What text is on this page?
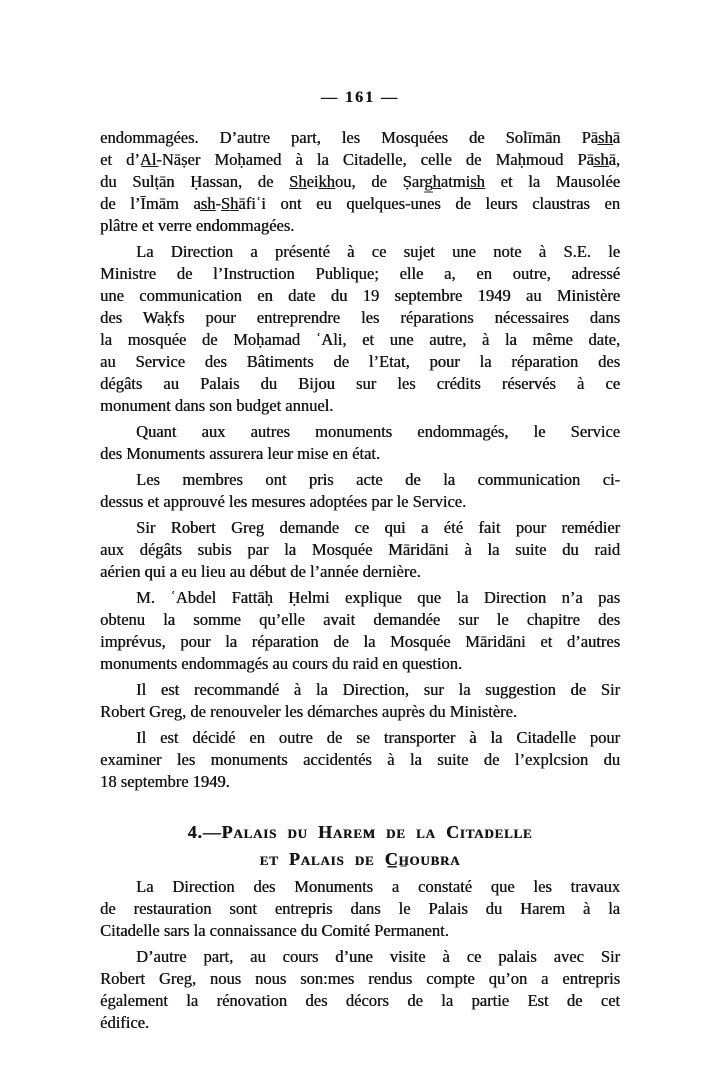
— 161 —
endommagées. D’autre part, les Mosquées de Solīmān Pās̲h̲ā
et d’A̲l̲-Nāṣer Moḥamed à la Citadelle, celle de Maḥmoud Pās̲h̲ā,
du Sulṭān Ḥassan, de S̲h̲eik̲h̲ou, de Ṣarg̲h̲atmis̲h̲ et la Mausolée
de l’Īmām as̲h̲-S̲h̲āfiʿi ont eu quelques-unes de leurs claustras en
plâtre et verre endommagées.
La Direction a présenté à ce sujet une note à S.E. le
Ministre de l’Instruction Publique; elle a, en outre, adressé
une communication en date du 19 septembre 1949 au Ministère
des Waḳfs pour entreprendre les réparations nécessaires dans
la mosquée de Moḥamad ʿAli, et une autre, à la même date,
au Service des Bâtiments de l’Etat, pour la réparation des
dégâts au Palais du Bijou sur les crédits réservés à ce
monument dans son budget annuel.
Quant aux autres monuments endommagés, le Service
des Monuments assurera leur mise en état.
Les membres ont pris acte de la communication ci-
dessus et approuvé les mesures adoptées par le Service.
Sir Robert Greg demande ce qui a été fait pour remédier
aux dégâts subis par la Mosquée Māridāni à la suite du raid
aérien qui a eu lieu au début de l’année dernière.
M. ʿAbdel Fattāḥ Ḥelmi explique que la Direction n’a pas
obtenu la somme qu’elle avait demandée sur le chapitre des
imprévus, pour la réparation de la Mosquée Māridāni et d’autres
monuments endommagés au cours du raid en question.
Il est recommandé à la Direction, sur la suggestion de Sir
Robert Greg, de renouveler les démarches auprès du Ministère.
Il est décidé en outre de se transporter à la Citadelle pour
examiner les monuments accidentés à la suite de l’explcsion du
18 septembre 1949.
4.—Palais du Harem de la Citadelle
et Palais de C̲h̲oubra
La Direction des Monuments a constaté que les travaux
de restauration sont entrepris dans le Palais du Harem à la
Citadelle sars la connaissance du Comité Permanent.
D’autre part, au cours d’une visite à ce palais avec Sir
Robert Greg, nous nous son:mes rendus compte qu’on a entrepris
également la rénovation des décors de la partie Est de cet
édifice.
